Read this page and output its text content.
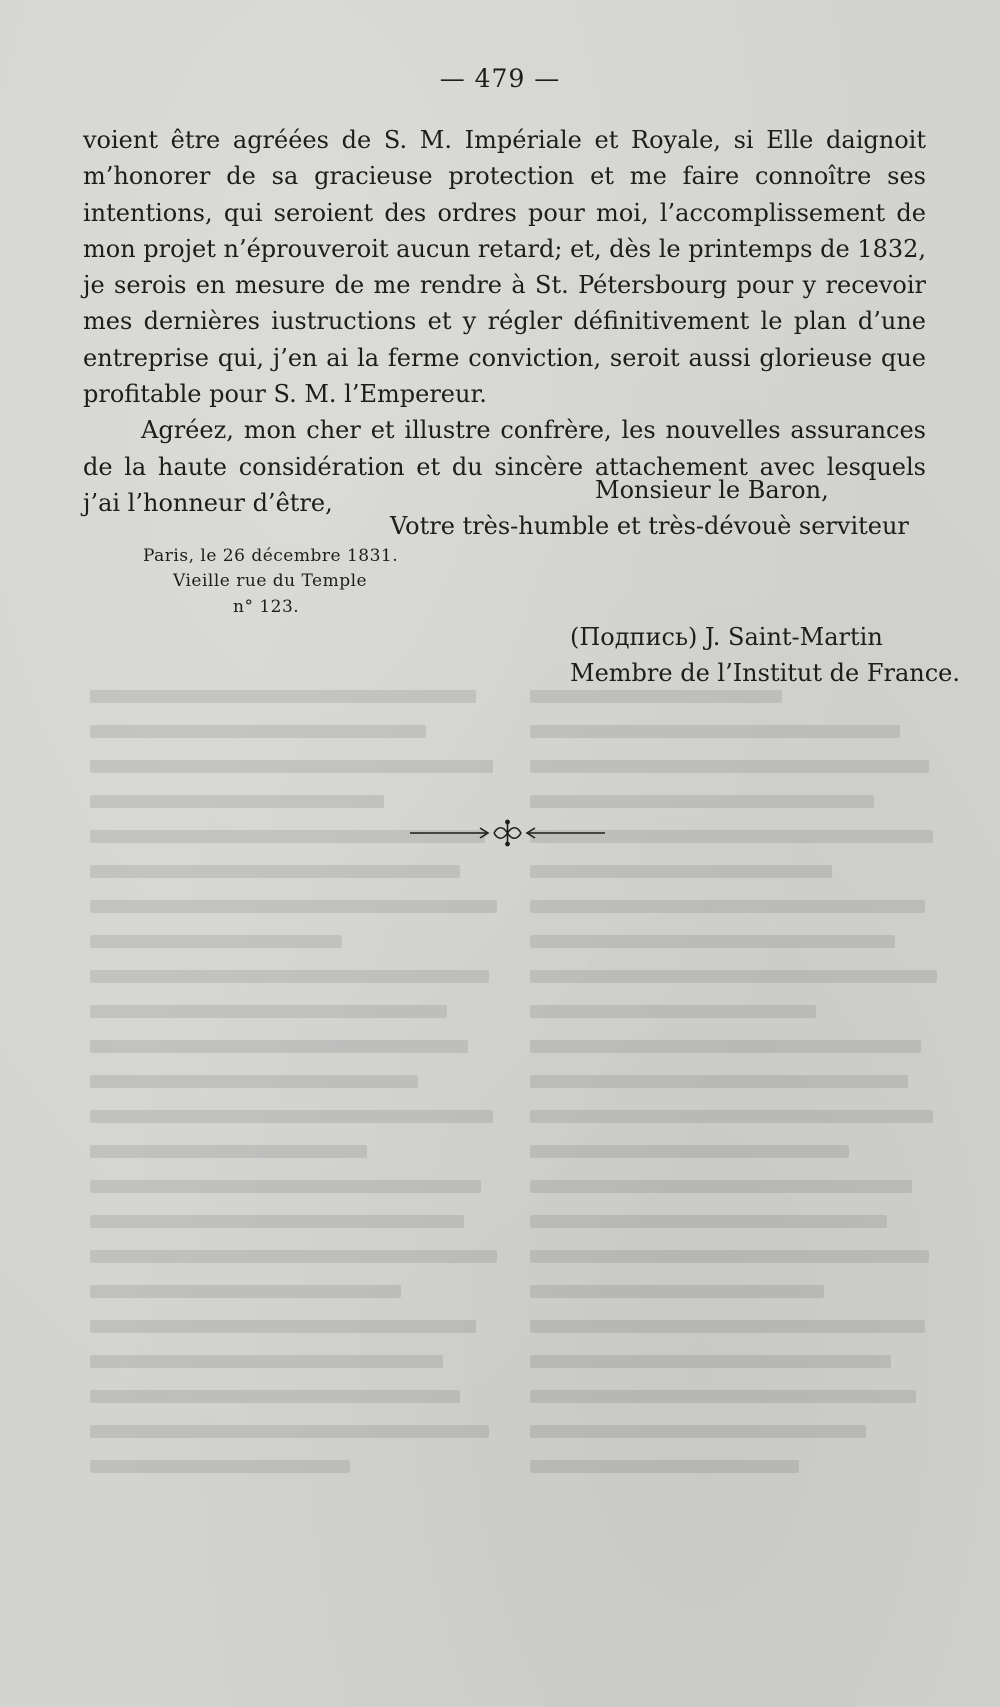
— 479 —

voient être agréées de S. M. Impériale et Royale, si Elle daignoit m’honorer de sa gracieuse protection et me faire connoître ses intentions, qui seroient des ordres pour moi, l’accomplissement de mon projet n’éprouveroit aucun retard; et, dès le printemps de 1832, je serois en mesure de me rendre à St. Pétersbourg pour y recevoir mes dernières iustructions et y régler définitivement le plan d’une entreprise qui, j’en ai la ferme conviction, seroit aussi glorieuse que profitable pour S. M. l’Empereur.

Agréez, mon cher et illustre confrère, les nouvelles assurances de la haute considération et du sincère attachement avec lesquels j’ai l’honneur d’être,	Monsieur le Baron,
Votre très-humble et très-dévouè serviteur
Paris, le 26 décembre 1831.
Vieille rue du Temple
n° 123.
(Подпись) J. Saint-Martin
Membre de l’Institut de France.
